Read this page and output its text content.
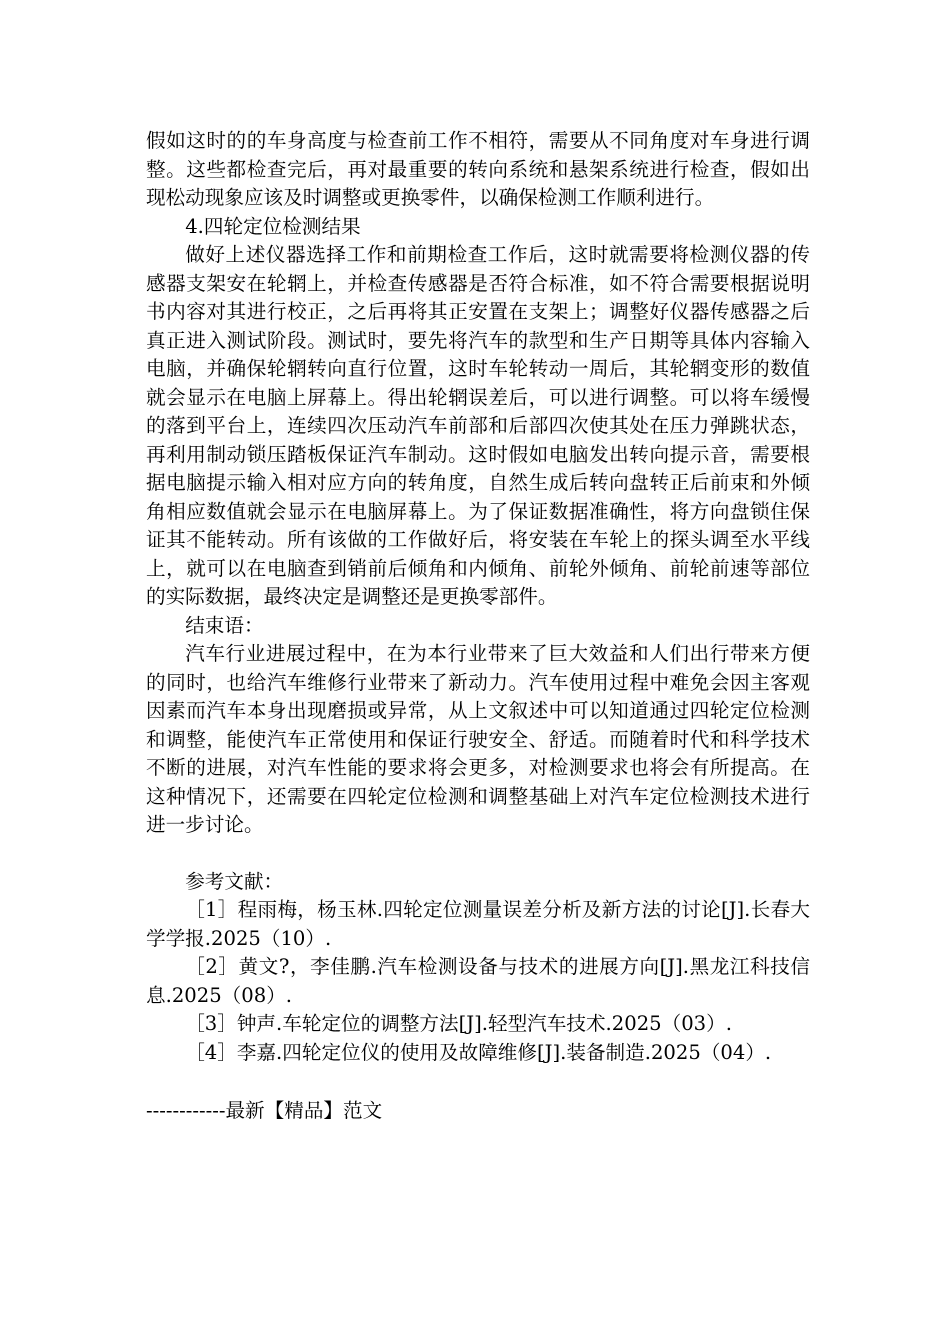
假如这时的的车身高度与检查前工作不相符，需要从不同角度对车身进行调整。这些都检查完后，再对最重要的转向系统和悬架系统进行检查，假如出现松动现象应该及时调整或更换零件，以确保检测工作顺利进行。

4.四轮定位检测结果

做好上述仪器选择工作和前期检查工作后，这时就需要将检测仪器的传感器支架安在轮辋上，并检查传感器是否符合标准，如不符合需要根据说明书内容对其进行校正，之后再将其正安置在支架上；调整好仪器传感器之后真正进入测试阶段。测试时，要先将汽车的款型和生产日期等具体内容输入电脑，并确保轮辋转向直行位置，这时车轮转动一周后，其轮辋变形的数值就会显示在电脑上屏幕上。得出轮辋误差后，可以进行调整。可以将车缓慢的落到平台上，连续四次压动汽车前部和后部四次使其处在压力弹跳状态，再利用制动锁压踏板保证汽车制动。这时假如电脑发出转向提示音，需要根据电脑提示输入相对应方向的转角度，自然生成后转向盘转正后前束和外倾角相应数值就会显示在电脑屏幕上。为了保证数据准确性，将方向盘锁住保证其不能转动。所有该做的工作做好后，将安装在车轮上的探头调至水平线上，就可以在电脑查到销前后倾角和内倾角、前轮外倾角、前轮前速等部位的实际数据，最终决定是调整还是更换零部件。

结束语：

汽车行业进展过程中，在为本行业带来了巨大效益和人们出行带来方便的同时，也给汽车维修行业带来了新动力。汽车使用过程中难免会因主客观因素而汽车本身出现磨损或异常，从上文叙述中可以知道通过四轮定位检测和调整，能使汽车正常使用和保证行驶安全、舒适。而随着时代和科学技术不断的进展，对汽车性能的要求将会更多，对检测要求也将会有所提高。在这种情况下，还需要在四轮定位检测和调整基础上对汽车定位检测技术进行进一步讨论。

参考文献：

［1］程雨梅，杨玉林.四轮定位测量误差分析及新方法的讨论[J].长春大学学报.2025（10）.

［2］黄文?，李佳鹏.汽车检测设备与技术的进展方向[J].黑龙江科技信息.2025（08）.

［3］钟声.车轮定位的调整方法[J].轻型汽车技术.2025（03）.

［4］李嘉.四轮定位仪的使用及故障维修[J].装备制造.2025（04）.

------------最新【精品】范文
